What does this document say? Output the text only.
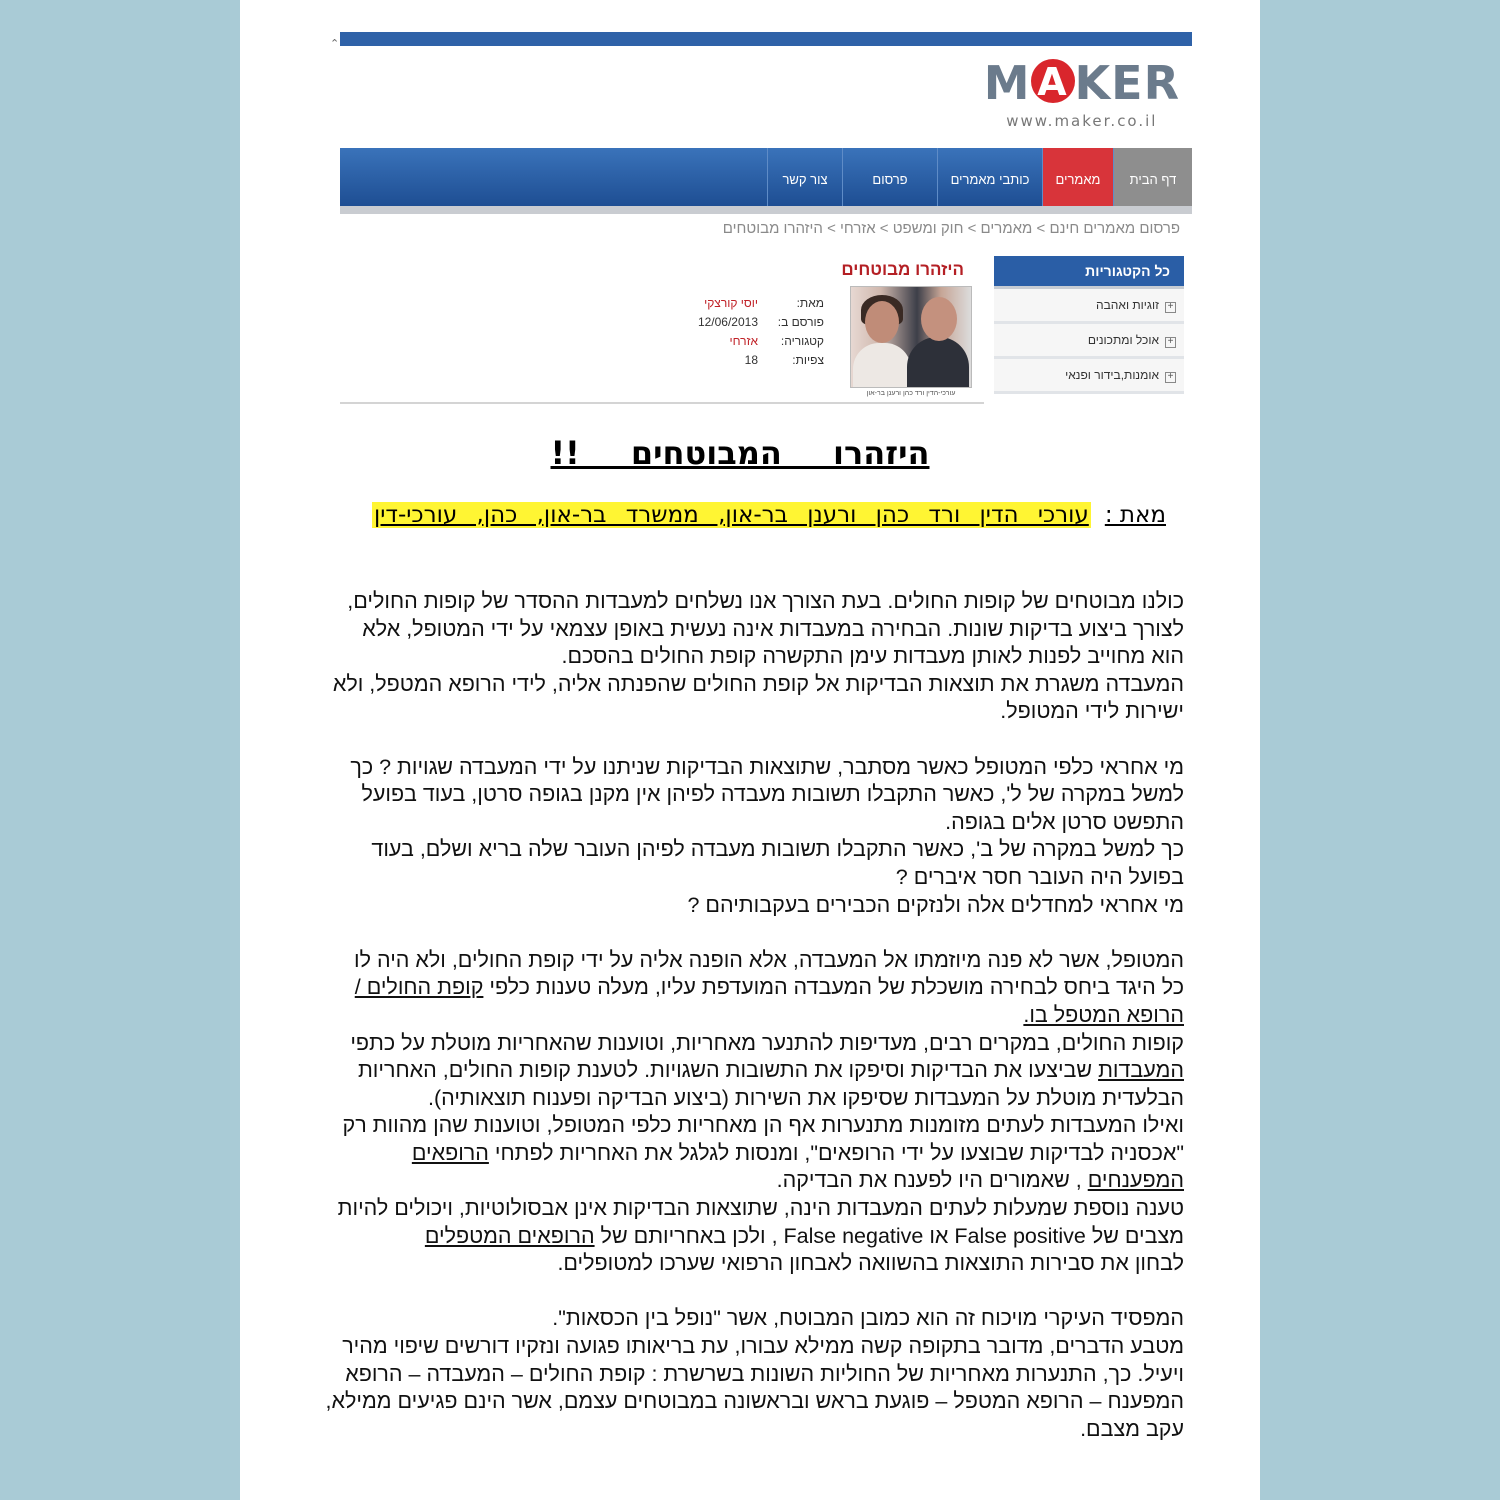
⌃
M A KER
www.maker.co.il
דף הבית
מאמרים
כותבי מאמרים
פרסום מאמר
צור קשר
פרסום מאמרים חינם > מאמרים > חוק ומשפט > אזרחי > היזהרו מבוטחים
כל הקטגוריות
+זוגיות ואהבה
+אוכל ומתכונים
+אומנות,בידור ופנאי
היזהרו מבוטחים
עורכי-הדין ורד כהן ורענן בר-און
מאת:יוסי קורצקי
פורסם ב:12/06/2013
קטגוריה:אזרחי
צפיות:18
היזהרו המבוטחים !!
מאת :עורכי הדין ורד כהן ורענן בר-און, ממשרד בר-און, כהן, עורכי-דין

כולנו מבוטחים של קופות החולים. בעת הצורך אנו נשלחים למעבדות ההסדר של קופות החולים,

לצורך ביצוע בדיקות שונות. הבחירה במעבדות אינה נעשית באופן עצמאי על ידי המטופל, אלא

הוא מחוייב לפנות לאותן מעבדות עימן התקשרה קופת החולים בהסכם.

המעבדה משגרת את תוצאות הבדיקות אל קופת החולים שהפנתה אליה, לידי הרופא המטפל, ולא

ישירות לידי המטופל.

מי אחראי כלפי המטופל כאשר מסתבר, שתוצאות הבדיקות שניתנו על ידי המעבדה שגויות ? כך

למשל במקרה של ל', כאשר התקבלו תשובות מעבדה לפיהן אין מקנן בגופה סרטן, בעוד בפועל

התפשט סרטן אלים בגופה.

כך למשל במקרה של ב', כאשר התקבלו תשובות מעבדה לפיהן העובר שלה בריא ושלם, בעוד

בפועל היה העובר חסר איברים ?

מי אחראי למחדלים אלה ולנזקים הכבירים בעקבותיהם ?

המטופל, אשר לא פנה מיוזמתו אל המעבדה, אלא הופנה אליה על ידי קופת החולים, ולא היה לו

כל היגד ביחס לבחירה מושכלת של המעבדה המועדפת עליו, מעלה טענות כלפי קופת החולים /

הרופא המטפל בו.

קופות החולים, במקרים רבים, מעדיפות להתנער מאחריות, וטוענות שהאחריות מוטלת על כתפי

המעבדות שביצעו את הבדיקות וסיפקו את התשובות השגויות. לטענת קופות החולים, האחריות

הבלעדית מוטלת על המעבדות שסיפקו את השירות (ביצוע הבדיקה ופענוח תוצאותיה).

ואילו המעבדות לעתים מזומנות מתנערות אף הן מאחריות כלפי המטופל, וטוענות שהן מהוות רק

"אכסניה לבדיקות שבוצעו על ידי הרופאים", ומנסות לגלגל את האחריות לפתחי הרופאים

המפענחים , שאמורים היו לפענח את הבדיקה.

טענה נוספת שמעלות לעתים המעבדות הינה, שתוצאות הבדיקות אינן אבסולוטיות, ויכולים להיות

מצבים של False positive או False negative , ולכן באחריותם של הרופאים המטפלים

לבחון את סבירות התוצאות בהשוואה לאבחון הרפואי שערכו למטופלים.

המפסיד העיקרי מויכוח זה הוא כמובן המבוטח, אשר "נופל בין הכסאות".

מטבע הדברים, מדובר בתקופה קשה ממילא עבורו, עת בריאותו פגועה ונזקיו דורשים שיפוי מהיר

ויעיל. כך, התנערות מאחריות של החוליות השונות בשרשרת : קופת החולים – המעבדה – הרופא

המפענח – הרופא המטפל – פוגעת בראש ובראשונה במבוטחים עצמם, אשר הינם פגיעים ממילא,

עקב מצבם.
